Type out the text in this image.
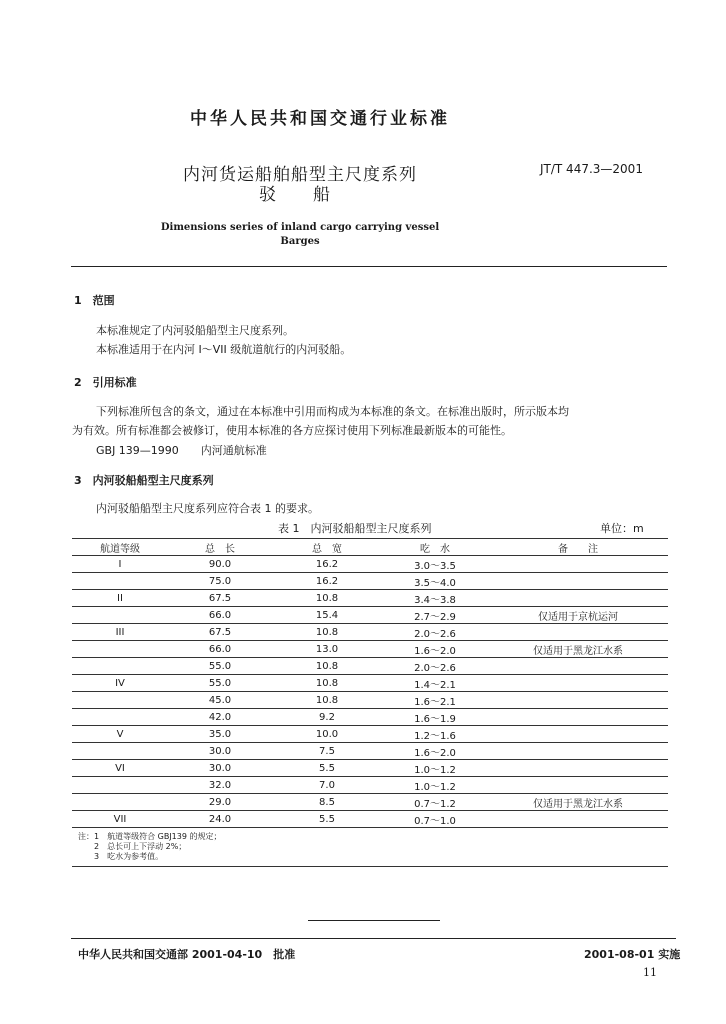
中华人民共和国交通行业标准
内河货运船舶船型主尺度系列
驳　　船
JT/T 447.3—2001
Dimensions series of inland cargo carrying vessel
Barges
1　范围
本标准规定了内河驳船船型主尺度系列。
本标准适用于在内河 I～VII 级航道航行的内河驳船。
2　引用标准
下列标准所包含的条文，通过在本标准中引用而构成为本标准的条文。在标准出版时，所示版本均
为有效。所有标准都会被修订，使用本标准的各方应探讨使用下列标准最新版本的可能性。
GBJ 139—1990　　内河通航标准
3　内河驳船船型主尺度系列
内河驳船船型主尺度系列应符合表 1 的要求。
表 1　内河驳船船型主尺度系列	单位：m
航道等级	总　长	总　宽	吃　水	备　　注
I	90.0	16.2	3.0～3.5	
	75.0	16.2	3.5～4.0	
II	67.5	10.8	3.4～3.8	
	66.0	15.4	2.7～2.9	仅适用于京杭运河
III	67.5	10.8	2.0～2.6	
	66.0	13.0	1.6～2.0	仅适用于黑龙江水系
	55.0	10.8	2.0～2.6	
IV	55.0	10.8	1.4～2.1	
	45.0	10.8	1.6～2.1	
	42.0	9.2	1.6～1.9	
V	35.0	10.0	1.2～1.6	
	30.0	7.5	1.6～2.0	
VI	30.0	5.5	1.0～1.2	
	32.0	7.0	1.0～1.2	
	29.0	8.5	0.7～1.2	仅适用于黑龙江水系
VII	24.0	5.5	0.7～1.0	
注：1　航道等级符合 GBJ139 的规定；
　　2　总长可上下浮动 2%；
　　3　吃水为参考值。
中华人民共和国交通部 2001-04-10　批准	2001-08-01 实施
11
